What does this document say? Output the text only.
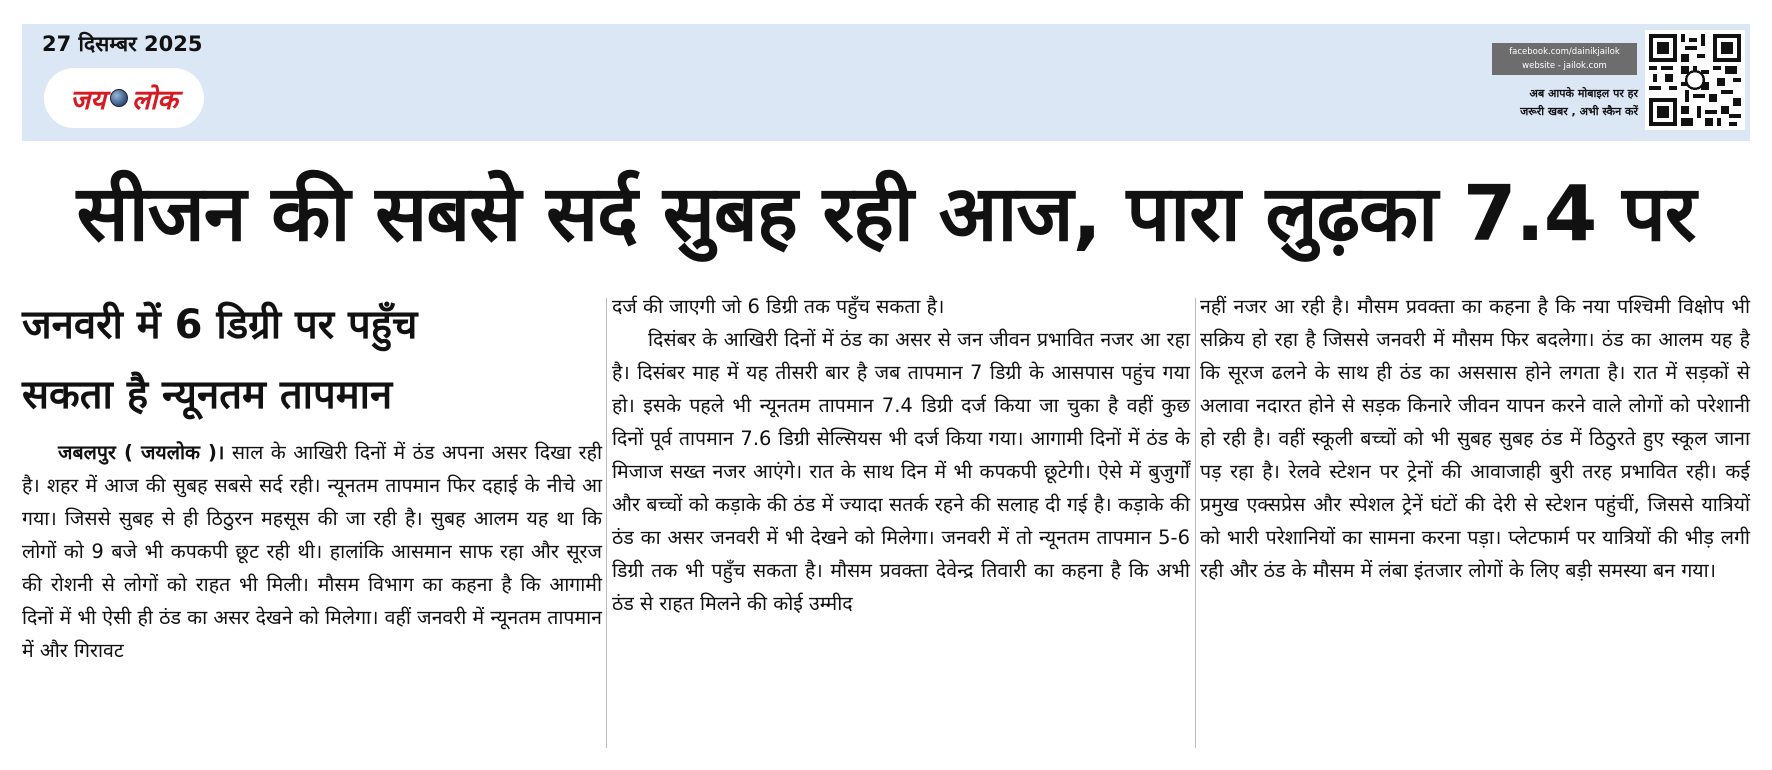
27 दिसम्बर 2025
जय लोक
facebook.com/dainikjailok
website - jailok.com
अब आपके मोबाइल पर हर
जरूरी खबर , अभी स्कैन करें
सीजन की सबसे सर्द सुबह रही आज, पारा लुढ़का 7.4 पर
जनवरी में 6 डिग्री पर पहुँच
सकता है न्यूनतम तापमान

जबलपुर ( जयलोक )। साल के आखिरी दिनों में ठंड अपना असर दिखा रही है। शहर में आज की सुबह सबसे सर्द रही। न्यूनतम तापमान फिर दहाई के नीचे आ गया। जिससे सुबह से ही ठिठुरन महसूस की जा रही है। सुबह आलम यह था कि लोगों को 9 बजे भी कपकपी छूट रही थी। हालांकि आसमान साफ रहा और सूरज की रोशनी से लोगों को राहत भी मिली। मौसम विभाग का कहना है कि आगामी दिनों में भी ऐसी ही ठंड का असर देखने को मिलेगा। वहीं जनवरी में न्यूनतम तापमान में और गिरावट

दर्ज की जाएगी जो 6 डिग्री तक पहुँच सकता है।

दिसंबर के आखिरी दिनों में ठंड का असर से जन जीवन प्रभावित नजर आ रहा है। दिसंबर माह में यह तीसरी बार है जब तापमान 7 डिग्री के आसपास पहुंच गया हो। इसके पहले भी न्यूनतम तापमान 7.4 डिग्री दर्ज किया जा चुका है वहीं कुछ दिनों पूर्व तापमान 7.6 डिग्री सेल्सियस भी दर्ज किया गया। आगामी दिनों में ठंड के मिजाज सख्त नजर आएंगे। रात के साथ दिन में भी कपकपी छूटेगी। ऐसे में बुजुर्गों और बच्चों को कड़ाके की ठंड में ज्यादा सतर्क रहने की सलाह दी गई है। कड़ाके की ठंड का असर जनवरी में भी देखने को मिलेगा। जनवरी में तो न्यूनतम तापमान 5-6 डिग्री तक भी पहुँच सकता है। मौसम प्रवक्ता देवेन्द्र तिवारी का कहना है कि अभी ठंड से राहत मिलने की कोई उम्मीद

नहीं नजर आ रही है। मौसम प्रवक्ता का कहना है कि नया पश्चिमी विक्षोप भी सक्रिय हो रहा है जिससे जनवरी में मौसम फिर बदलेगा। ठंड का आलम यह है कि सूरज ढलने के साथ ही ठंड का अससास होने लगता है। रात में सड़कों से अलावा नदारत होने से सड़क किनारे जीवन यापन करने वाले लोगों को परेशानी हो रही है। वहीं स्कूली बच्चों को भी सुबह सुबह ठंड में ठिठुरते हुए स्कूल जाना पड़ रहा है। रेलवे स्टेशन पर ट्रेनों की आवाजाही बुरी तरह प्रभावित रही। कई प्रमुख एक्सप्रेस और स्पेशल ट्रेनें घंटों की देरी से स्टेशन पहुंचीं, जिससे यात्रियों को भारी परेशानियों का सामना करना पड़ा। प्लेटफार्म पर यात्रियों की भीड़ लगी रही और ठंड के मौसम में लंबा इंतजार लोगों के लिए बड़ी समस्या बन गया।
